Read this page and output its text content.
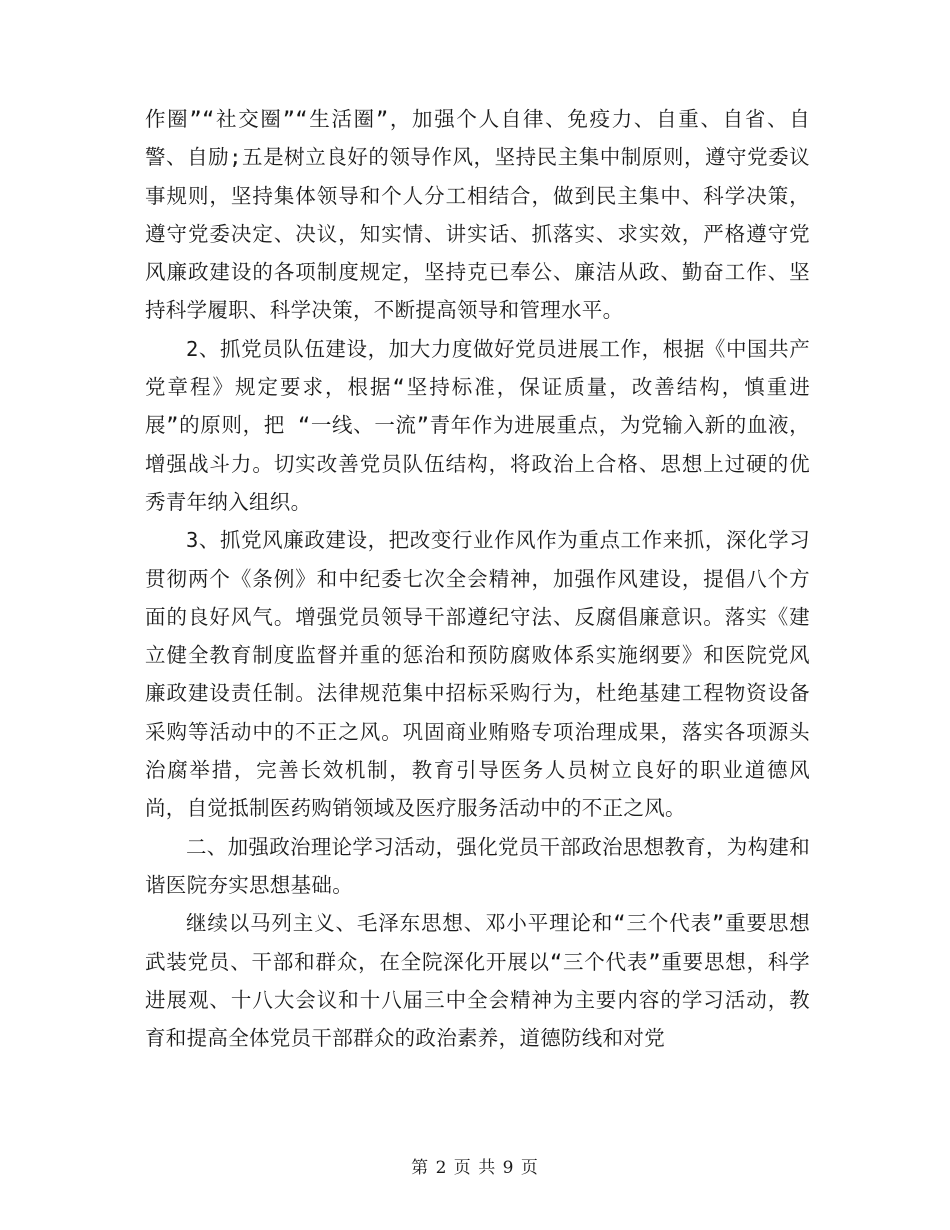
作圈”“社交圈”“生活圈”，加强个人自律、免疫力、自重、自省、自警、自励;五是树立良好的领导作风，坚持民主集中制原则，遵守党委议事规则，坚持集体领导和个人分工相结合，做到民主集中、科学决策，遵守党委决定、决议，知实情、讲实话、抓落实、求实效，严格遵守党风廉政建设的各项制度规定，坚持克已奉公、廉洁从政、勤奋工作、坚持科学履职、科学决策，不断提高领导和管理水平。

2、抓党员队伍建设，加大力度做好党员进展工作，根据《中国共产党章程》规定要求，根据“坚持标准，保证质量，改善结构，慎重进展”的原则，把 “一线、一流”青年作为进展重点，为党输入新的血液，增强战斗力。切实改善党员队伍结构，将政治上合格、思想上过硬的优秀青年纳入组织。

3、抓党风廉政建设，把改变行业作风作为重点工作来抓，深化学习贯彻两个《条例》和中纪委七次全会精神，加强作风建设，提倡八个方面的良好风气。增强党员领导干部遵纪守法、反腐倡廉意识。落实《建立健全教育制度监督并重的惩治和预防腐败体系实施纲要》和医院党风廉政建设责任制。法律规范集中招标采购行为，杜绝基建工程物资设备采购等活动中的不正之风。巩固商业贿赂专项治理成果，落实各项源头治腐举措，完善长效机制，教育引导医务人员树立良好的职业道德风尚，自觉抵制医药购销领域及医疗服务活动中的不正之风。

二、加强政治理论学习活动，强化党员干部政治思想教育，为构建和谐医院夯实思想基础。

继续以马列主义、毛泽东思想、邓小平理论和“三个代表”重要思想武装党员、干部和群众，在全院深化开展以“三个代表”重要思想，科学进展观、十八大会议和十八届三中全会精神为主要内容的学习活动，教育和提高全体党员干部群众的政治素养，道德防线和对党

第 2 页 共 9 页
